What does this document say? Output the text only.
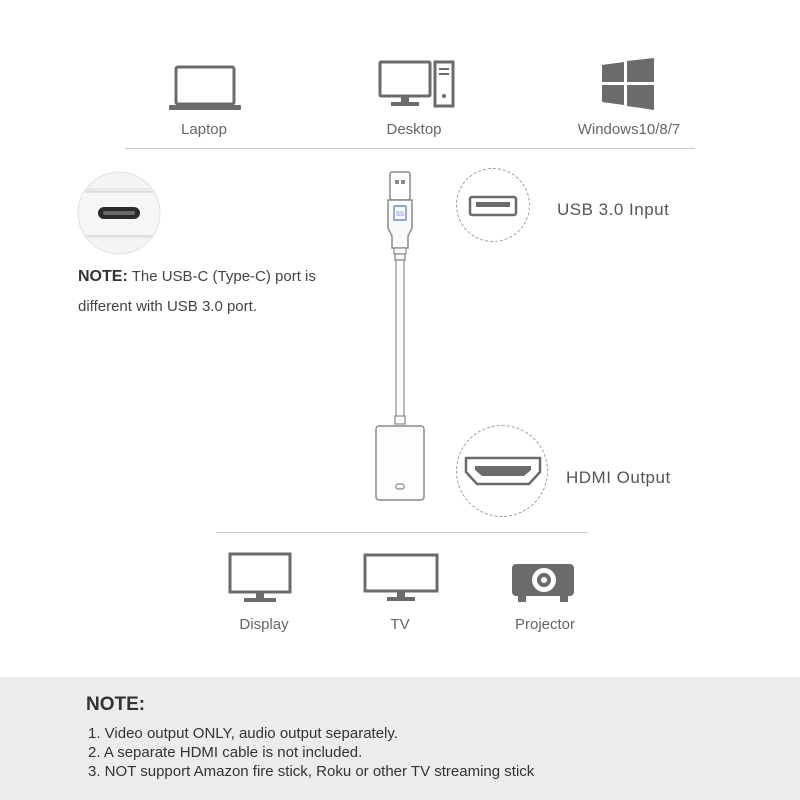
Laptop	Desktop	Windows10/8/7
NOTE: The USB-C (Type-C) port is
different with USB 3.0 port.
SS	USB 3.0 Input
HDMI Output
Display	TV	Projector
NOTE:
1. Video output ONLY, audio output separately.
2. A separate HDMI cable is not included.
3. NOT support Amazon fire stick, Roku or other TV streaming stick
